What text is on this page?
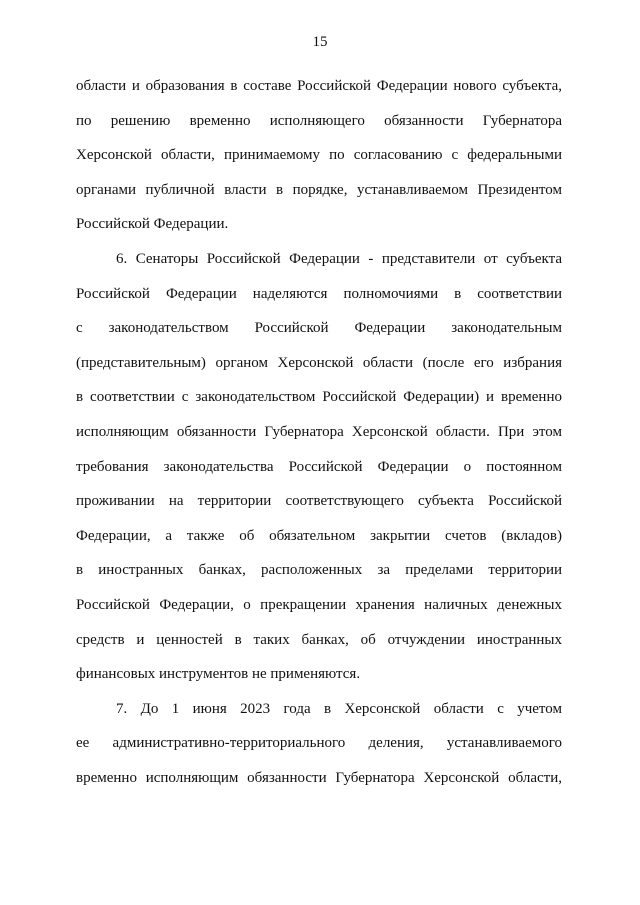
15
области и образования в составе Российской Федерации нового субъекта,
по решению временно исполняющего обязанности Губернатора
Херсонской области, принимаемому по согласованию с федеральными
органами публичной власти в порядке, устанавливаемом Президентом
Российской Федерации.
6. Сенаторы Российской Федерации - представители от субъекта
Российской Федерации наделяются полномочиями в соответствии
с законодательством Российской Федерации законодательным
(представительным) органом Херсонской области (после его избрания
в соответствии с законодательством Российской Федерации) и временно
исполняющим обязанности Губернатора Херсонской области. При этом
требования законодательства Российской Федерации о постоянном
проживании на территории соответствующего субъекта Российской
Федерации, а также об обязательном закрытии счетов (вкладов)
в иностранных банках, расположенных за пределами территории
Российской Федерации, о прекращении хранения наличных денежных
средств и ценностей в таких банках, об отчуждении иностранных
финансовых инструментов не применяются.
7. До 1 июня 2023 года в Херсонской области с учетом
ее административно-территориального деления, устанавливаемого
временно исполняющим обязанности Губернатора Херсонской области,
